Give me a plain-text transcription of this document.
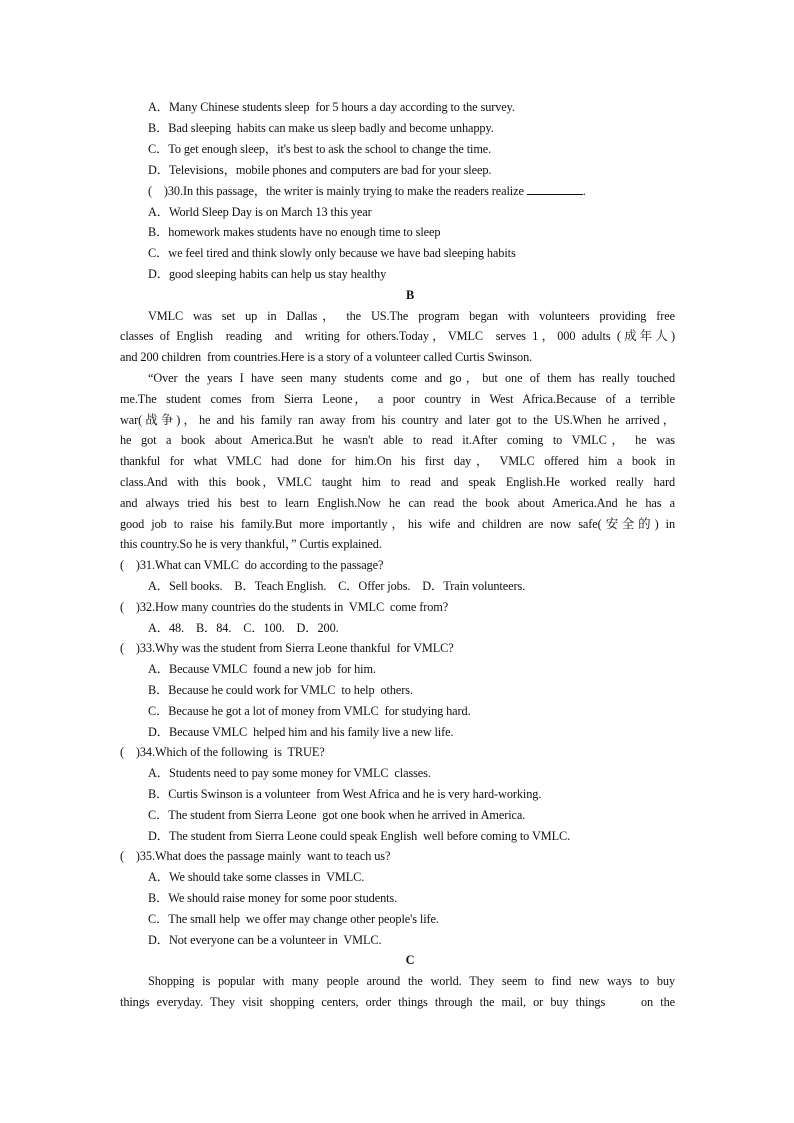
A．Many Chinese students sleep  for 5 hours a day according to the survey.
B．Bad sleeping  habits can make us sleep badly and become unhappy.
C．To get enough sleep，it's best to ask the school to change the time.
D．Televisions，mobile phones and computers are bad for your sleep.
(    )30.In this passage，the writer is mainly trying to make the readers realize	.
A．World Sleep Day is on March 13 this year
B．homework makes students have no enough time to sleep
C．we feel tired and think slowly only because we have bad sleeping habits
D．good sleeping habits can help us stay healthy
B
VMLC  was  set  up  in  Dallas ，  the  US.The  program  began  with  volunteers  providing  free
classes of English  reading  and  writing for others.Today，VMLC  serves 1，000 adults (成年人)
and 200 children  from countries.Here is a story of a volunteer called Curtis Swinson.
“Over the years I have seen many students come and go，but one of them has really touched
me.The  student  comes  from  Sierra  Leone，  a  poor  country  in  West  Africa.Because  of  a  terrible
war(战争)，he and his family ran away from his country and later got to the US.When he arrived，
he  got  a  book  about  America.But  he  wasn't  able  to  read  it.After  coming  to  VMLC ，  he  was
thankful  for  what  VMLC  had  done  for  him.On  his  first  day ，  VMLC  offered  him  a  book  in
class.And  with  this  book，VMLC  taught  him  to  read  and  speak  English.He  worked  really  hard
and always tried his best to learn English.Now he can read the book about America.And he has a
good job to raise his family.But more importantly，his wife and children are now safe(安全的) in
this country.So he is very thankful，” Curtis explained.
(    )31.What can VMLC  do according to the passage?
A．Sell books.    B．Teach English.    C．Offer jobs.    D．Train volunteers.
(    )32.How many countries do the students in  VMLC  come from?
A．48.    B．84.    C．100.    D．200.
(    )33.Why was the student from Sierra Leone thankful  for VMLC?
A．Because VMLC  found a new job  for him.
B．Because he could work for VMLC  to help  others.
C．Because he got a lot of money from VMLC  for studying hard.
D．Because VMLC  helped him and his family live a new life.
(    )34.Which of the following  is  TRUE?
A．Students need to pay some money for VMLC  classes.
B．Curtis Swinson is a volunteer  from West Africa and he is very hard-working.
C．The student from Sierra Leone  got one book when he arrived in America.
D．The student from Sierra Leone could speak English  well before coming to VMLC.
(    )35.What does the passage mainly  want to teach us?
A．We should take some classes in  VMLC.
B．We should raise money for some poor students.
C．The small help  we offer may change other people's life.
D．Not everyone can be a volunteer in  VMLC.
C
Shopping is popular with many people around the world. They seem to find new ways to buy
things everyday. They visit shopping centers, order things through the mail, or buy things     on the
